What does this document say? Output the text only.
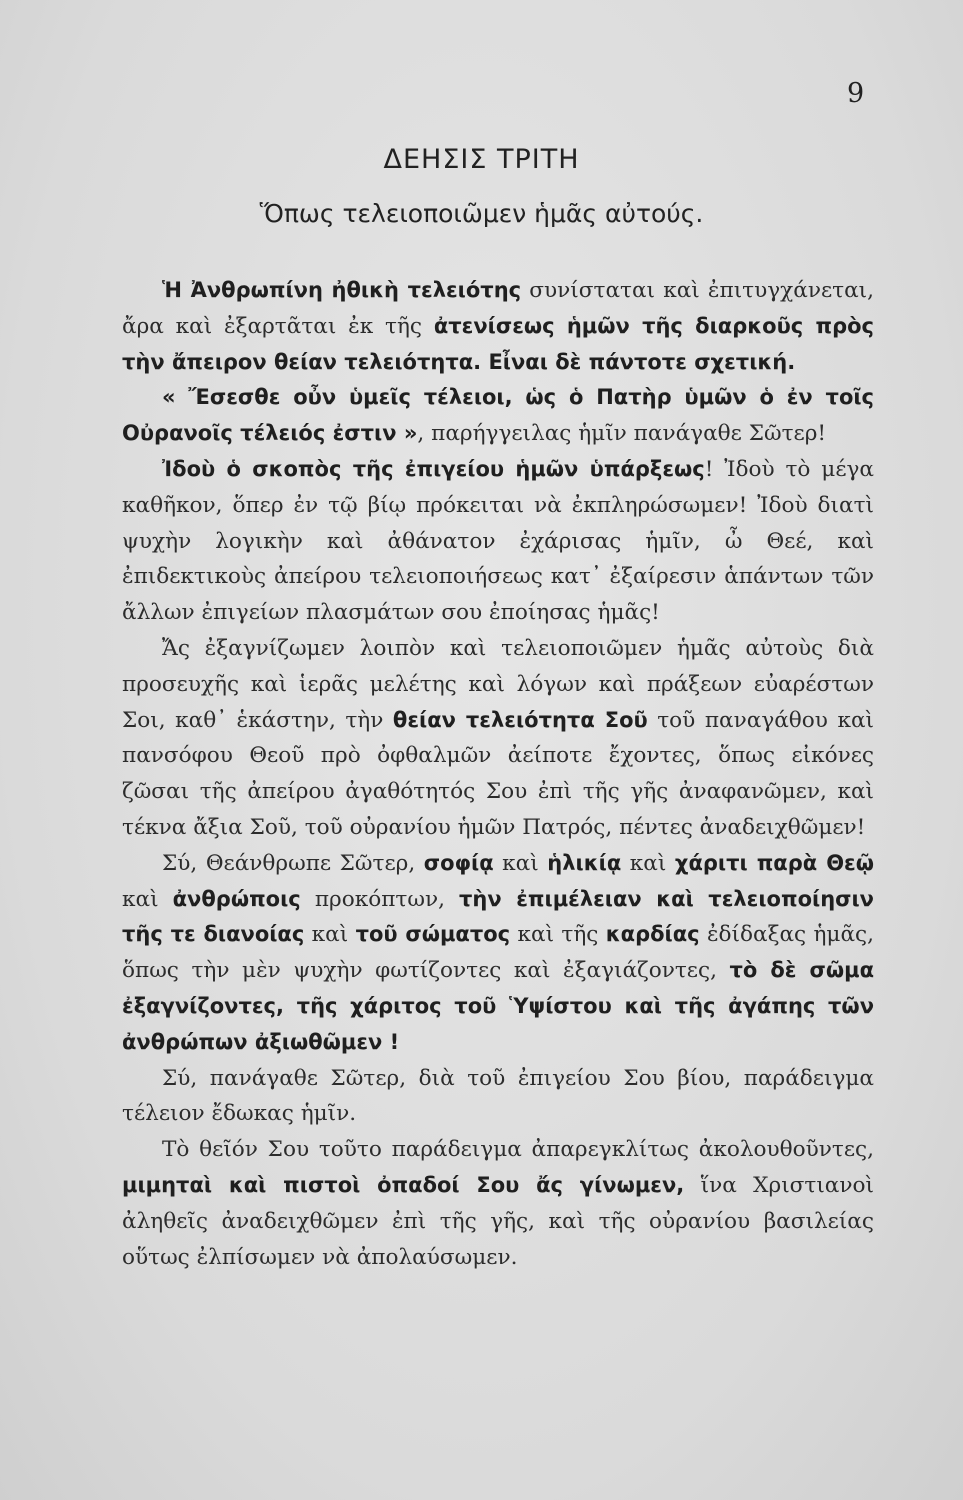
9
ΔΕΗΣΙΣ ΤΡΙΤΗ
Ὅπως τελειοποιῶμεν ἡμᾶς αὐτούς.

Ἡ Ἀνθρωπίνη ἠθικὴ τελειότης συνίσταται καὶ ἐπιτυγχάνεται, ἄρα καὶ ἐξαρτᾶται ἐκ τῆς ἀτενίσεως ἡμῶν τῆς διαρκοῦς πρὸς τὴν ἄπειρον θείαν τελειότητα. Εἶναι δὲ πάντοτε σχετική.

« Ἔσεσθε οὖν ὑμεῖς τέλειοι, ὡς ὁ Πατὴρ ὑμῶν ὁ ἐν τοῖς Οὐρανοῖς τέλειός ἐστιν », παρήγγειλας ἡμῖν πανάγαθε Σῶτερ!

Ἰδοὺ ὁ σκοπὸς τῆς ἐπιγείου ἡμῶν ὑπάρξεως! Ἰδοὺ τὸ μέγα καθῆκον, ὅπερ ἐν τῷ βίῳ πρόκειται νὰ ἐκπληρώσωμεν! Ἰδοὺ διατὶ ψυχὴν λογικὴν καὶ ἀθάνατον ἐχάρισας ἡμῖν, ὦ Θεέ, καὶ ἐπιδεκτικοὺς ἀπείρου τελειοποιήσεως κατ᾿ ἐξαίρεσιν ἁπάντων τῶν ἄλλων ἐπιγείων πλασμάτων σου ἐποίησας ἡμᾶς!

Ἄς ἐξαγνίζωμεν λοιπὸν καὶ τελειοποιῶμεν ἡμᾶς αὐτοὺς διὰ προσευχῆς καὶ ἱερᾶς μελέτης καὶ λόγων καὶ πράξεων εὐαρέστων Σοι, καθ᾿ ἑκάστην, τὴν θείαν τελειότητα Σοῦ τοῦ παναγάθου καὶ πανσόφου Θεοῦ πρὸ ὀφθαλμῶν ἀείποτε ἔχοντες, ὅπως εἰκόνες ζῶσαι τῆς ἀπείρου ἀγαθότητός Σου ἐπὶ τῆς γῆς ἀναφανῶμεν, καὶ τέκνα ἄξια Σοῦ, τοῦ οὐρανίου ἡμῶν Πατρός, πέντες ἀναδειχθῶμεν!

Σύ, Θεάνθρωπε Σῶτερ, σοφίᾳ καὶ ἡλικίᾳ καὶ χάριτι παρὰ Θεῷ καὶ ἀνθρώποις προκόπτων, τὴν ἐπιμέλειαν καὶ τελειοποίησιν τῆς τε διανοίας καὶ τοῦ σώματος καὶ τῆς καρδίας ἐδίδαξας ἡμᾶς, ὅπως τὴν μὲν ψυχὴν φωτίζοντες καὶ ἐξαγιάζοντες, τὸ δὲ σῶμα ἐξαγνίζοντες, τῆς χάριτος τοῦ Ὑψίστου καὶ τῆς ἀγάπης τῶν ἀνθρώπων ἀξιωθῶμεν !

Σύ, πανάγαθε Σῶτερ, διὰ τοῦ ἐπιγείου Σου βίου, παράδειγμα τέλειον ἔδωκας ἡμῖν.

Τὸ θεῖόν Σου τοῦτο παράδειγμα ἀπαρεγκλίτως ἀκολουθοῦντες, μιμηταὶ καὶ πιστοὶ ὀπαδοί Σου ἄς γίνωμεν, ἵνα Χριστιανοὶ ἀληθεῖς ἀναδειχθῶμεν ἐπὶ τῆς γῆς, καὶ τῆς οὐρανίου βασιλείας οὕτως ἐλπίσωμεν νὰ ἀπολαύσωμεν.
